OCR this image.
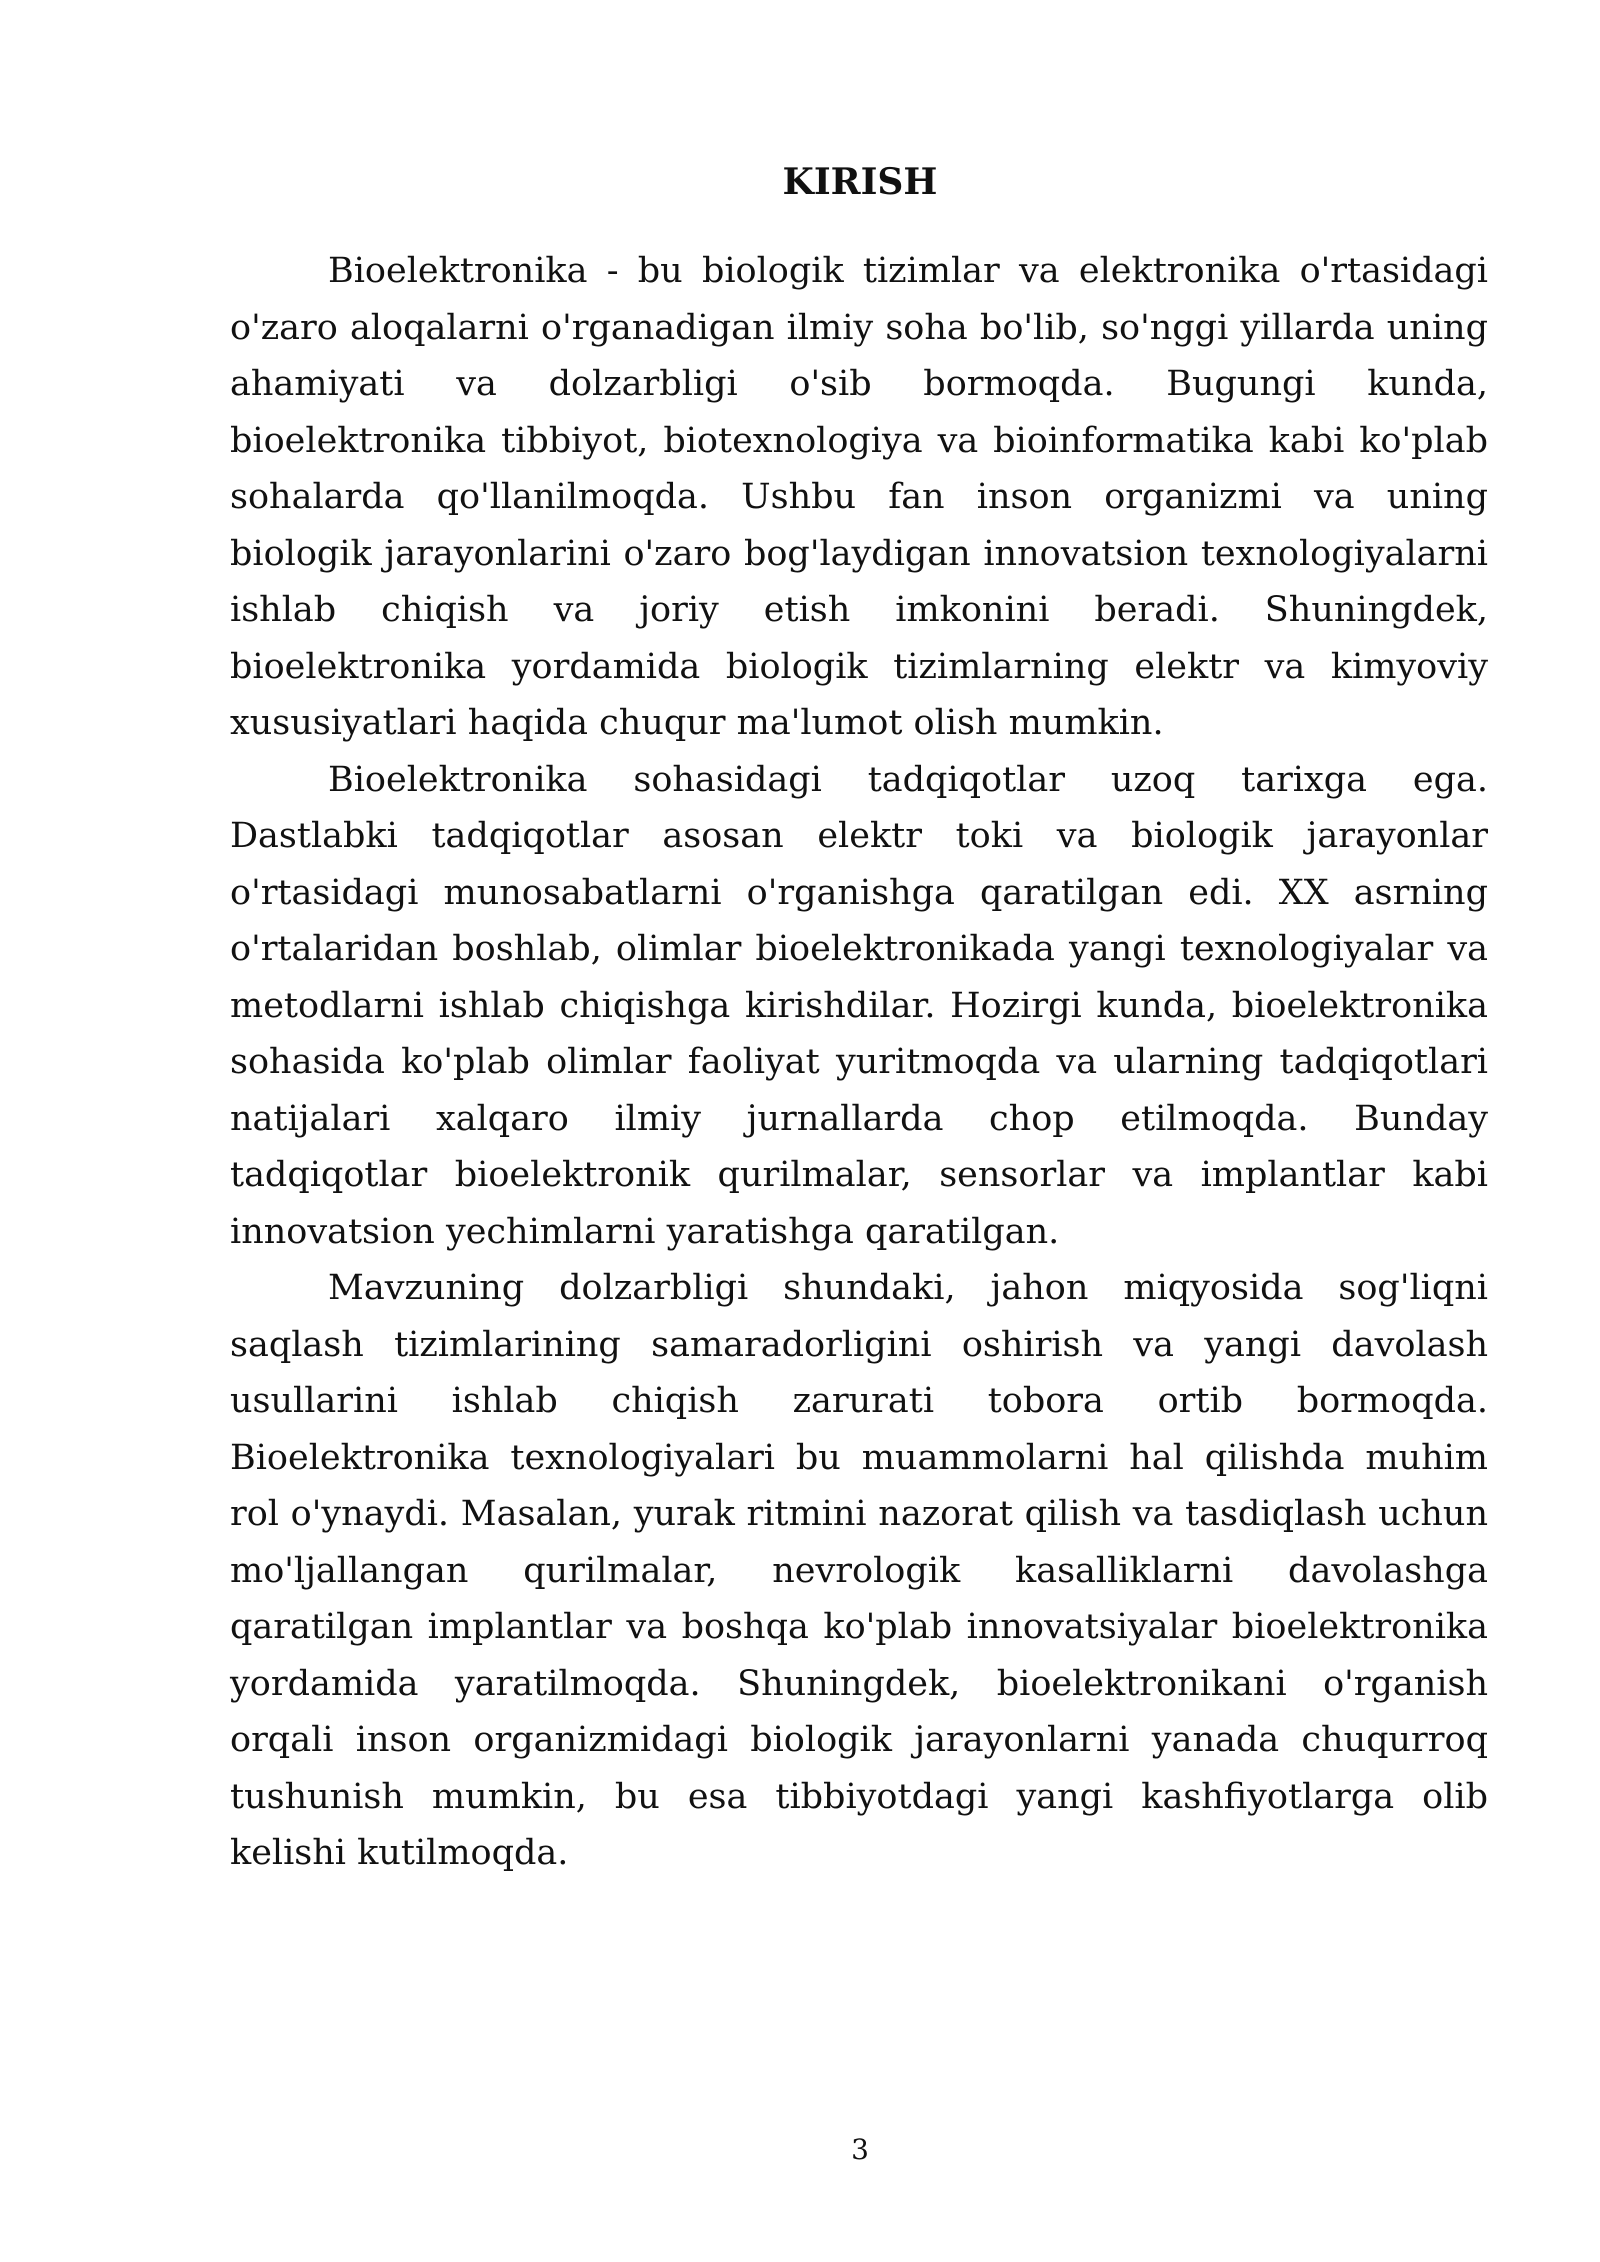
KIRISH

Bioelektronika - bu biologik tizimlar va elektronika o'rtasidagi o'zaro aloqalarni o'rganadigan ilmiy soha bo'lib, so'nggi yillarda uning ahamiyati va dolzarbligi o'sib bormoqda. Bugungi kunda, bioelektronika tibbiyot, biotexnologiya va bioinformatika kabi ko'plab sohalarda qo'llanilmoqda. Ushbu fan inson organizmi va uning biologik jarayonlarini o'zaro bog'laydigan innovatsion texnologiyalarni ishlab chiqish va joriy etish imkonini beradi. Shuningdek, bioelektronika yordamida biologik tizimlarning elektr va kimyoviy xususiyatlari haqida chuqur ma'lumot olish mumkin.

Bioelektronika sohasidagi tadqiqotlar uzoq tarixga ega. Dastlabki tadqiqotlar asosan elektr toki va biologik jarayonlar o'rtasidagi munosabatlarni o'rganishga qaratilgan edi. XX asrning o'rtalaridan boshlab, olimlar bioelektronikada yangi texnologiyalar va metodlarni ishlab chiqishga kirishdilar. Hozirgi kunda, bioelektronika sohasida ko'plab olimlar faoliyat yuritmoqda va ularning tadqiqotlari natijalari xalqaro ilmiy jurnallarda chop etilmoqda. Bunday tadqiqotlar bioelektronik qurilmalar, sensorlar va implantlar kabi innovatsion yechimlarni yaratishga qaratilgan.

Mavzuning dolzarbligi shundaki, jahon miqyosida sog'liqni saqlash tizimlarining samaradorligini oshirish va yangi davolash usullarini ishlab chiqish zarurati tobora ortib bormoqda. Bioelektronika texnologiyalari bu muammolarni hal qilishda muhim rol o'ynaydi. Masalan, yurak ritmini nazorat qilish va tasdiqlash uchun mo'ljallangan qurilmalar, nevrologik kasalliklarni davolashga qaratilgan implantlar va boshqa ko'plab innovatsiyalar bioelektronika yordamida yaratilmoqda. Shuningdek, bioelektronikani o'rganish orqali inson organizmidagi biologik jarayonlarni yanada chuqurroq tushunish mumkin, bu esa tibbiyotdagi yangi kashfiyotlarga olib kelishi kutilmoqda.

3
